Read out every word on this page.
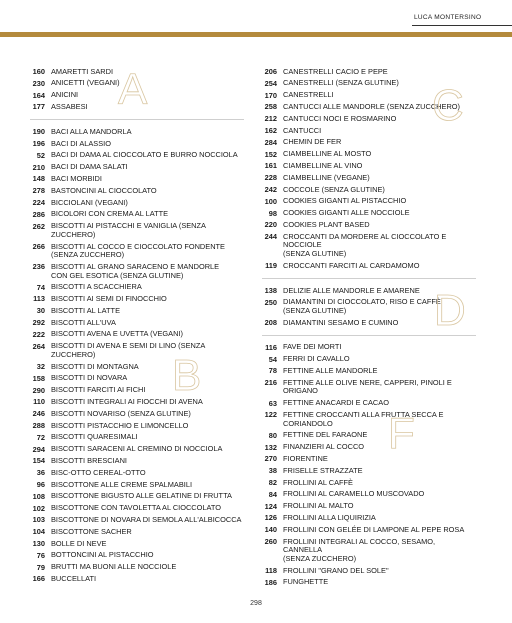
LUCA MONTERSINO
A
160 AMARETTI SARDI
230 ANICETTI (VEGANI)
164 ANICINI
177 ASSABESI
B
190 BACI ALLA MANDORLA
196 BACI DI ALASSIO
52 BACI DI DAMA AL CIOCCOLATO E BURRO NOCCIOLA
210 BACI DI DAMA SALATI
148 BACI MORBIDI
278 BASTONCINI AL CIOCCOLATO
224 BICCIOLANI (VEGANI)
286 BICOLORI CON CREMA AL LATTE
262 BISCOTTI AI PISTACCHI E VANIGLIA (SENZA ZUCCHERO)
266 BISCOTTI AL COCCO E CIOCCOLATO FONDENTE
(SENZA ZUCCHERO)
236 BISCOTTI AL GRANO SARACENO E MANDORLE
CON GEL ESOTICA (SENZA GLUTINE)
74 BISCOTTI A SCACCHIERA
113 BISCOTTI AI SEMI DI FINOCCHIO
30 BISCOTTI AL LATTE
292 BISCOTTI ALL'UVA
222 BISCOTTI AVENA E UVETTA (VEGANI)
264 BISCOTTI DI AVENA E SEMI DI LINO (SENZA ZUCCHERO)
32 BISCOTTI DI MONTAGNA
158 BISCOTTI DI NOVARA
290 BISCOTTI FARCITI AI FICHI
110 BISCOTTI INTEGRALI AI FIOCCHI DI AVENA
246 BISCOTTI NOVARISO (SENZA GLUTINE)
288 BISCOTTI PISTACCHIO E LIMONCELLO
72 BISCOTTI QUARESIMALI
294 BISCOTTI SARACENI AL CREMINO DI NOCCIOLA
154 BISCOTTI BRESCIANI
36 BISC-OTTO CEREAL-OTTO
96 BISCOTTONE ALLE CREME SPALMABILI
108 BISCOTTONE BIGUSTO ALLE GELATINE DI FRUTTA
102 BISCOTTONE CON TAVOLETTA AL CIOCCOLATO
103 BISCOTTONE DI NOVARA DI SEMOLA ALL'ALBICOCCA
104 BISCOTTONE SACHER
130 BOLLE DI NEVE
76 BOTTONCINI AL PISTACCHIO
79 BRUTTI MA BUONI ALLE NOCCIOLE
166 BUCCELLATI
C
206 CANESTRELLI CACIO E PEPE
254 CANESTRELLI (SENZA GLUTINE)
170 CANESTRELLI
258 CANTUCCI ALLE MANDORLE (SENZA ZUCCHERO)
212 CANTUCCI NOCI E ROSMARINO
162 CANTUCCI
284 CHEMIN DE FER
152 CIAMBELLINE AL MOSTO
161 CIAMBELLINE AL VINO
228 CIAMBELLINE (VEGANE)
242 COCCOLE (SENZA GLUTINE)
100 COOKIES GIGANTI AL PISTACCHIO
98 COOKIES GIGANTI ALLE NOCCIOLE
220 COOKIES PLANT BASED
244 CROCCANTI DA MORDERE AL CIOCCOLATO E NOCCIOLE
(SENZA GLUTINE)
119 CROCCANTI FARCITI AL CARDAMOMO
D
138 DELIZIE ALLE MANDORLE E AMARENE
250 DIAMANTINI DI CIOCCOLATO, RISO E CAFFÈ
(SENZA GLUTINE)
208 DIAMANTINI SESAMO E CUMINO
F
116 FAVE DEI MORTI
54 FERRI DI CAVALLO
78 FETTINE ALLE MANDORLE
216 FETTINE ALLE OLIVE NERE, CAPPERI, PINOLI E ORIGANO
63 FETTINE ANACARDI E CACAO
122 FETTINE CROCCANTI ALLA FRUTTA SECCA E CORIANDOLO
80 FETTINE DEL FARAONE
132 FINANZIERI AL COCCO
270 FIORENTINE
38 FRISELLE STRAZZATE
82 FROLLINI AL CAFFÈ
84 FROLLINI AL CARAMELLO MUSCOVADO
124 FROLLINI AL MALTO
126 FROLLINI ALLA LIQUIRIZIA
140 FROLLINI CON GELÉE DI LAMPONE AL PEPE ROSA
260 FROLLINI INTEGRALI AL COCCO, SESAMO, CANNELLA
(SENZA ZUCCHERO)
118 FROLLINI "GRANO DEL SOLE"
186 FUNGHETTE
298
